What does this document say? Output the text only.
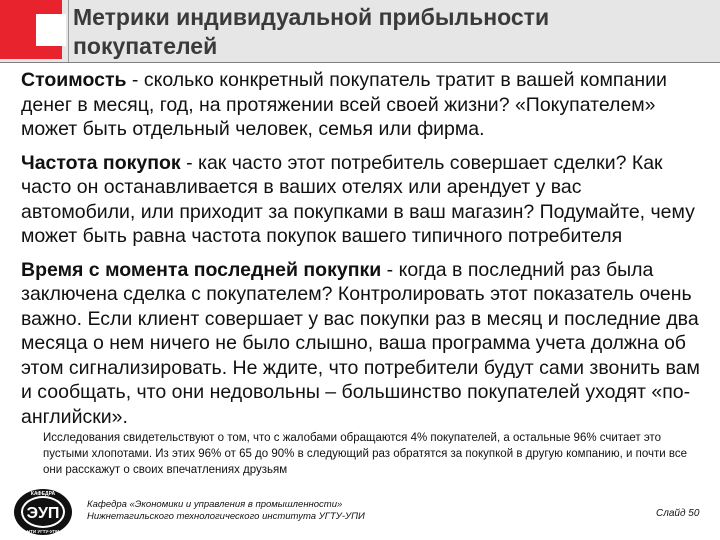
Метрики индивидуальной прибыльности
покупателей

Стоимость - сколько конкретный покупатель тратит в вашей компании денег в месяц, год, на протяжении всей своей жизни? «Покупателем» может быть отдельный человек, семья или фирма.

Частота покупок - как часто этот потребитель совершает сделки? Как часто он останавливается в ваших отелях или арендует у вас автомобили, или приходит за покупками в ваш магазин? Подумайте, чему может быть равна частота покупок вашего типичного потребителя

Время с момента последней покупки - когда в последний раз была заключена сделка с покупателем? Контролировать этот показатель очень важно. Если клиент совершает у вас покупки раз в месяц и последние два месяца о нем ничего не было слышно, ваша программа учета должна об этом сигнализировать. Не ждите, что потребители будут сами звонить вам и сообщать, что они недовольны – большинство покупателей уходят «по-английски».

Исследования свидетельствуют о том, что с жалобами обращаются 4% покупателей, а остальные 96% считает это пустыми хлопотами. Из этих 96% от 65 до 90% в следующий раз обратятся за покупкой в другую компанию, и почти все они расскажут о своих впечатлениях друзьям
ЭУП
КАФЕДРА
НТИ УГТУ-УПИ
Кафедра «Экономики и управления в промышленности»
Нижнетагильского технологического института УГТУ-УПИ	Слайд 50
